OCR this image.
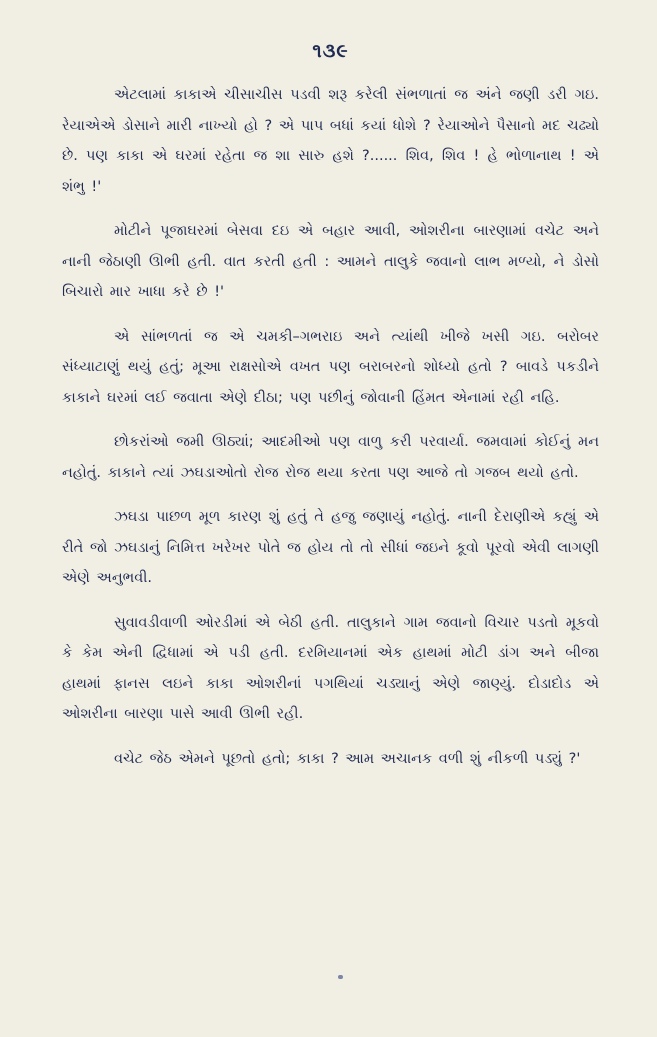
૧૩૯

એટલામાં કાકાએ ચીસાચીસ પડવી શરૂ કરેલી સંભળાતાં જ અંને જણી ડરી ગઇ. રેયાએએ ડોસાને મારી નાખ્યો હો ? એ પાપ બધાં કયાં ધોશે ? રેયાઓને પૈસાનો મદ ચઢ્યો છે. પણ કાકા એ ઘરમાં રહેતા જ શા સારુ હશે ?...... શિવ, શિવ ! હે ભોળાનાથ ! એ શંભુ !'

મોટીને પૂજાઘરમાં બેસવા દઇ એ બહાર આવી, ઓશરીના બારણામાં વચેટ અને નાની જેઠાણી ઊભી હતી. વાત કરતી હતી : આમને તાલુકે જવાનો લાભ મળ્યો, ને ડોસો બિચારો માર ખાધા કરે છે !'

એ સાંભળતાં જ એ ચમકી–ગભરાઇ અને ત્યાંથી ખીજે ખસી ગઇ. બરોબર સંધ્યાટાણું થયું હતું; મૂઆ રાક્ષસોએ વખત પણ બરાબરનો શોધ્યો હતો ? બાવડે પકડીને કાકાને ઘરમાં લઈ જવાતા એણે દીઠા; પણ પછીનું જોવાની હિંમત એનામાં રહી નહિ.

છોકરાંઓ જમી ઊઠ્યાં; આદમીઓ પણ વાળુ કરી પરવાર્યા. જમવામાં કોઈનું મન નહોતું. કાકાને ત્યાં ઝઘડાઓતો રોજ રોજ થયા કરતા પણ આજે તો ગજબ થયો હતો.

ઝઘડા પાછળ મૂળ કારણ શું હતું તે હજુ જણાયું નહોતું. નાની દેરાણીએ કહ્યું એ રીતે જો ઝઘડાનું નિમિત્ત ખરેખર પોતે જ હોય તો તો સીધાં જઇને કૂવો પૂરવો એવી લાગણી એણે અનુભવી.

સુવાવડીવાળી ઓરડીમાં એ બેઠી હતી. તાલુકાને ગામ જવાનો વિચાર પડતો મૂકવો કે કેમ એની દ્વિધામાં એ પડી હતી. દરમિયાનમાં એક હાથમાં મોટી ડાંગ અને બીજા હાથમાં ફાનસ લઇને કાકા ઓશરીનાં પગથિયાં ચડ્યાનું એણે જાણ્યું. દોડાદોડ એ ઓશરીના બારણા પાસે આવી ઊભી રહી.

વચેટ જેઠ એમને પૂછતો હતો; કાકા ? આમ અચાનક વળી શું નીકળી પડ્યું ?'
